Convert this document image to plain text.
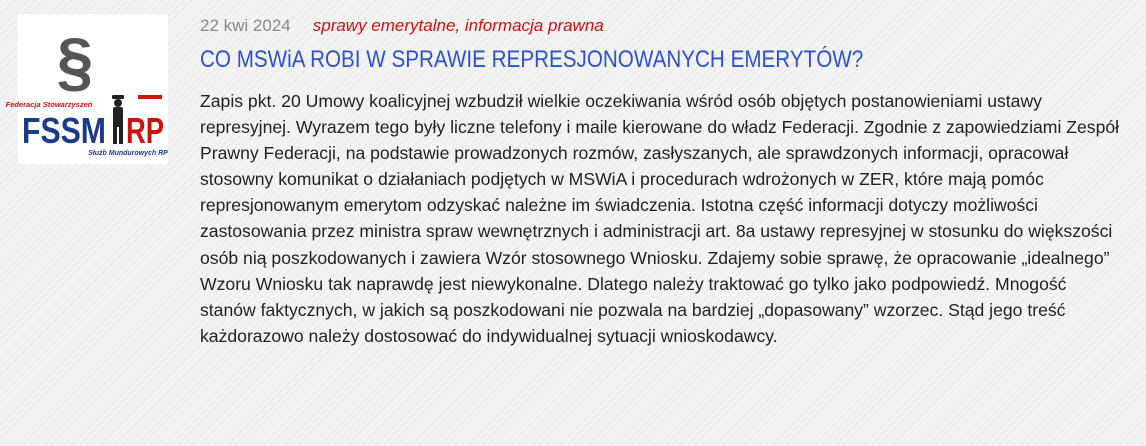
§
Federacja Stowarzyszeń
FSSM RP
Służb Mundurowych RP
22 kwi 2024 sprawy emerytalne, informacja prawna
CO MSWiA ROBI W SPRAWIE REPRESJONOWANYCH EMERYTÓW?

Zapis pkt. 20 Umowy koalicyjnej wzbudził wielkie oczekiwania wśród osób objętych postanowieniami ustawy represyjnej. Wyrazem tego były liczne telefony i maile kierowane do władz Federacji. Zgodnie z zapowiedziami Zespół Prawny Federacji, na podstawie prowadzonych rozmów, zasłyszanych, ale sprawdzonych informacji, opracował stosowny komunikat o działaniach podjętych w MSWiA i procedurach wdrożonych w ZER, które mają pomóc represjonowanym emerytom odzyskać należne im świadczenia. Istotna część informacji dotyczy możliwości zastosowania przez ministra spraw wewnętrznych i administracji art. 8a ustawy represyjnej w stosunku do większości osób nią poszkodowanych i zawiera Wzór stosownego Wniosku. Zdajemy sobie sprawę, że opracowanie „idealnego” Wzoru Wniosku tak naprawdę jest niewykonalne. Dlatego należy traktować go tylko jako podpowiedź. Mnogość stanów faktycznych, w jakich są poszkodowani nie pozwala na bardziej „dopasowany” wzorzec. Stąd jego treść każdorazowo należy dostosować do indywidualnej sytuacji wnioskodawcy.
